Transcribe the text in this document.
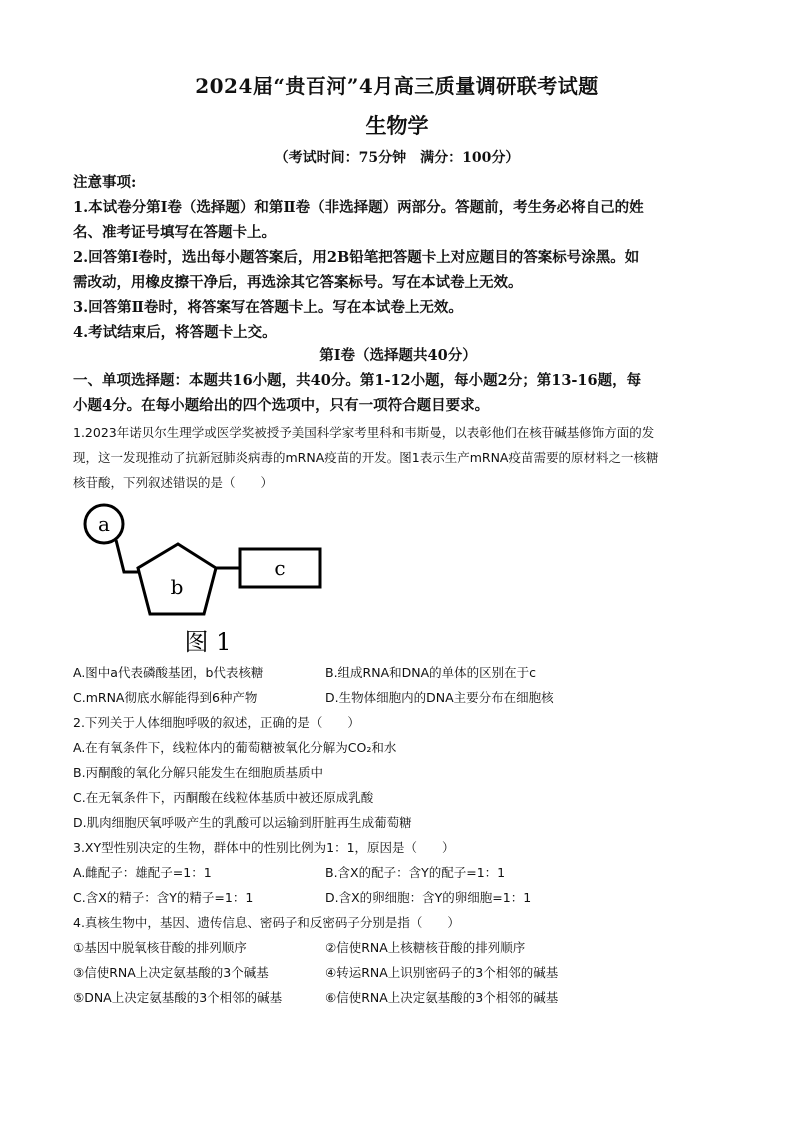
2024届“贵百河”4月高三质量调研联考试题
生物学
（考试时间：75分钟　满分：100分）
注意事项:
1.本试卷分第Ⅰ卷（选择题）和第Ⅱ卷（非选择题）两部分。答题前，考生务必将自己的姓
名、准考证号填写在答题卡上。
2.回答第Ⅰ卷时，选出每小题答案后，用2B铅笔把答题卡上对应题目的答案标号涂黑。如
需改动，用橡皮擦干净后，再选涂其它答案标号。写在本试卷上无效。
3.回答第Ⅱ卷时，将答案写在答题卡上。写在本试卷上无效。
4.考试结束后，将答题卡上交。
第Ⅰ卷（选择题共40分）
一、单项选择题：本题共16小题，共40分。第1-12小题，每小题2分；第13-16题，每
小题4分。在每小题给出的四个选项中，只有一项符合题目要求。
1.2023年诺贝尔生理学或医学奖被授予美国科学家考里科和韦斯曼，以表彰他们在核苷碱基修饰方面的发
现，这一发现推动了抗新冠肺炎病毒的mRNA疫苗的开发。图1表示生产mRNA疫苗需要的原材料之一核糖
核苷酸，下列叙述错误的是（　　）
a
b
c
图 1
A.图中a代表磷酸基团，b代表核糖	B.组成RNA和DNA的单体的区别在于c
C.mRNA彻底水解能得到6种产物	D.生物体细胞内的DNA主要分布在细胞核
2.下列关于人体细胞呼吸的叙述，正确的是（　　）
A.在有氧条件下，线粒体内的葡萄糖被氧化分解为CO₂和水
B.丙酮酸的氧化分解只能发生在细胞质基质中
C.在无氧条件下，丙酮酸在线粒体基质中被还原成乳酸
D.肌肉细胞厌氧呼吸产生的乳酸可以运输到肝脏再生成葡萄糖
3.XY型性别决定的生物，群体中的性别比例为1：1，原因是（　　）
A.雌配子：雄配子=1：1	B.含X的配子：含Y的配子=1：1
C.含X的精子：含Y的精子=1：1	D.含X的卵细胞：含Y的卵细胞=1：1
4.真核生物中，基因、遗传信息、密码子和反密码子分别是指（　　）
①基因中脱氧核苷酸的排列顺序	②信使RNA上核糖核苷酸的排列顺序
③信使RNA上决定氨基酸的3个碱基	④转运RNA上识别密码子的3个相邻的碱基
⑤DNA上决定氨基酸的3个相邻的碱基	⑥信使RNA上决定氨基酸的3个相邻的碱基
